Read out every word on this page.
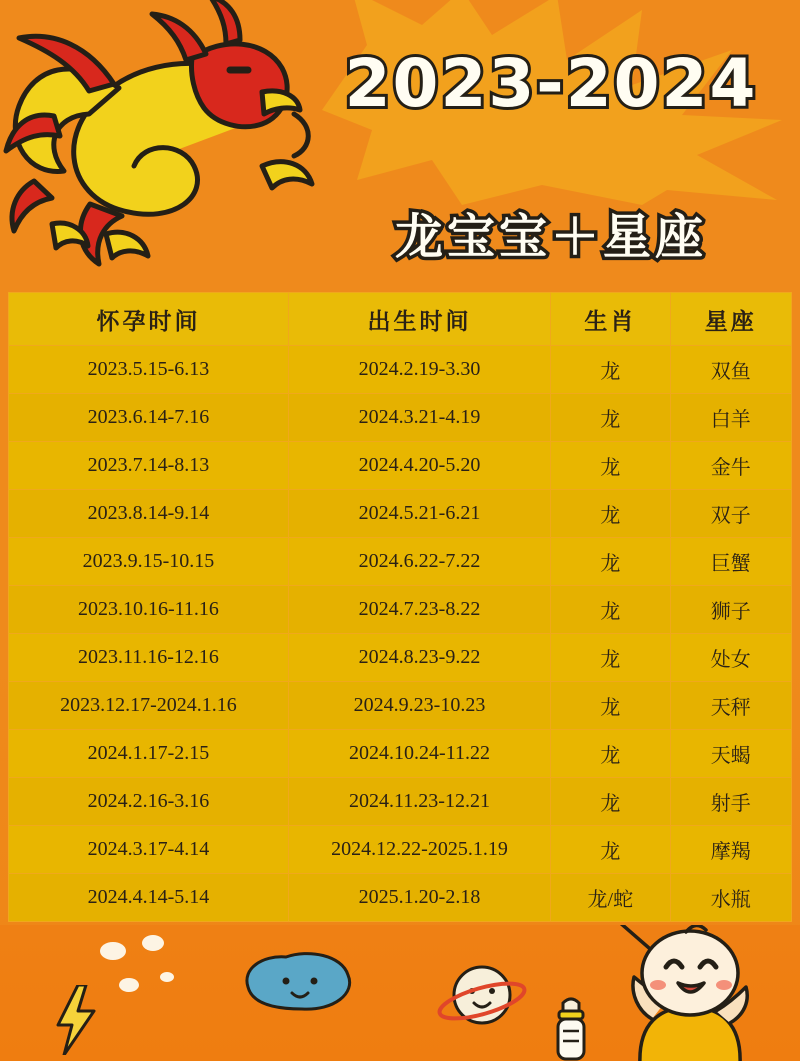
2023-2024
龙宝宝＋星座
怀孕时间	出生时间	生肖	星座
2023.5.15-6.13	2024.2.19-3.30	龙	双鱼
2023.6.14-7.16	2024.3.21-4.19	龙	白羊
2023.7.14-8.13	2024.4.20-5.20	龙	金牛
2023.8.14-9.14	2024.5.21-6.21	龙	双子
2023.9.15-10.15	2024.6.22-7.22	龙	巨蟹
2023.10.16-11.16	2024.7.23-8.22	龙	狮子
2023.11.16-12.16	2024.8.23-9.22	龙	处女
2023.12.17-2024.1.16	2024.9.23-10.23	龙	天秤
2024.1.17-2.15	2024.10.24-11.22	龙	天蝎
2024.2.16-3.16	2024.11.23-12.21	龙	射手
2024.3.17-4.14	2024.12.22-2025.1.19	龙	摩羯
2024.4.14-5.14	2025.1.20-2.18	龙/蛇	水瓶
